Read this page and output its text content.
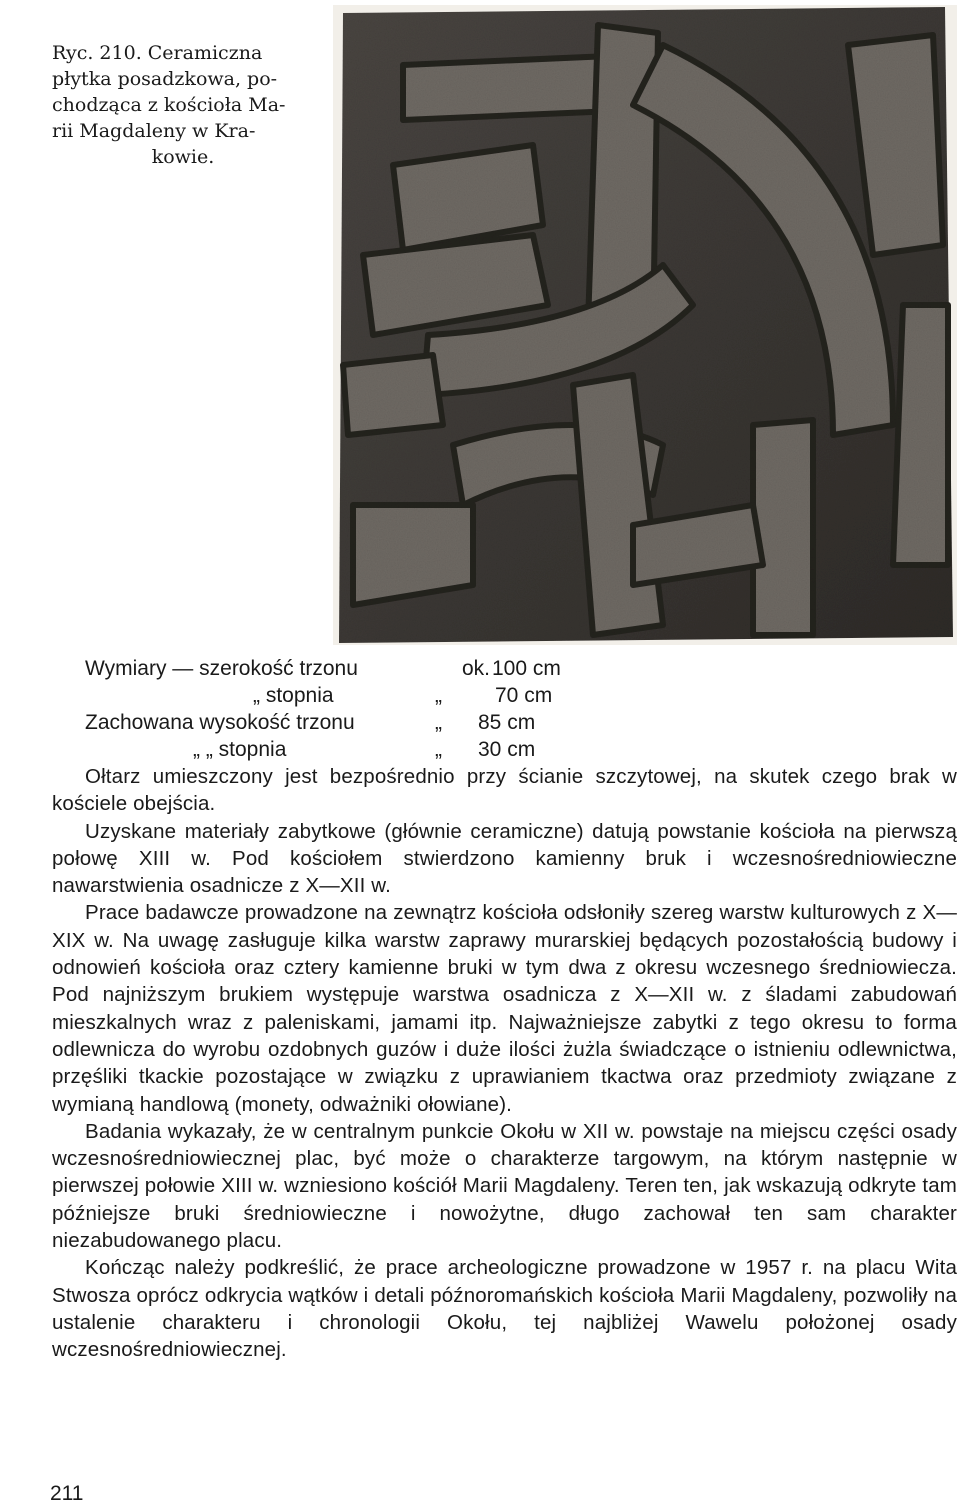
Ryc. 210. Ceramiczna
płytka posadzkowa, po-
chodząca z kościoła Ma-
rii Magdaleny w Kra-
kowie.
Wymiary — szerokość trzonu	ok. 100 cm
„ stopnia	„	70 cm
Zachowana wysokość trzonu	„ 85 cm
„ „ stopnia	„ 30 cm

Ołtarz umieszczony jest bezpośrednio przy ścianie szczytowej, na skutek czego brak w kościele obejścia.

Uzyskane materiały zabytkowe (głównie ceramiczne) datują powstanie kościoła na pierwszą połowę XIII w. Pod kościołem stwierdzono kamienny bruk i wczesnośredniowieczne nawarstwienia osadnicze z X—XII w.

Prace badawcze prowadzone na zewnątrz kościoła odsłoniły szereg warstw kulturowych z X—XIX w. Na uwagę zasługuje kilka warstw zaprawy murarskiej będących pozostałością budowy i odnowień kościoła oraz cztery kamienne bruki w tym dwa z okresu wczesnego średniowiecza. Pod najniższym brukiem występuje warstwa osadnicza z X—XII w. z śladami zabudowań mieszkalnych wraz z paleniskami, jamami itp. Najważniejsze zabytki z tego okresu to forma odlewnicza do wyrobu ozdobnych guzów i duże ilości żużla świadczące o istnieniu odlewnictwa, przęśliki tkackie pozostające w związku z uprawianiem tkactwa oraz przedmioty związane z wymianą handlową (monety, odważniki ołowiane).

Badania wykazały, że w centralnym punkcie Okołu w XII w. powstaje na miejscu części osady wczesnośredniowiecznej plac, być może o charakterze targowym, na którym następnie w pierwszej połowie XIII w. wzniesiono kościół Marii Magdaleny. Teren ten, jak wskazują odkryte tam późniejsze bruki średniowieczne i nowożytne, długo zachował ten sam charakter niezabudowanego placu.

Kończąc należy podkreślić, że prace archeologiczne prowadzone w 1957 r. na placu Wita Stwosza oprócz odkrycia wątków i detali późnoromańskich kościoła Marii Magdaleny, pozwoliły na ustalenie charakteru i chronologii Okołu, tej najbliżej Wawelu położonej osady wczesnośredniowiecznej.

211
